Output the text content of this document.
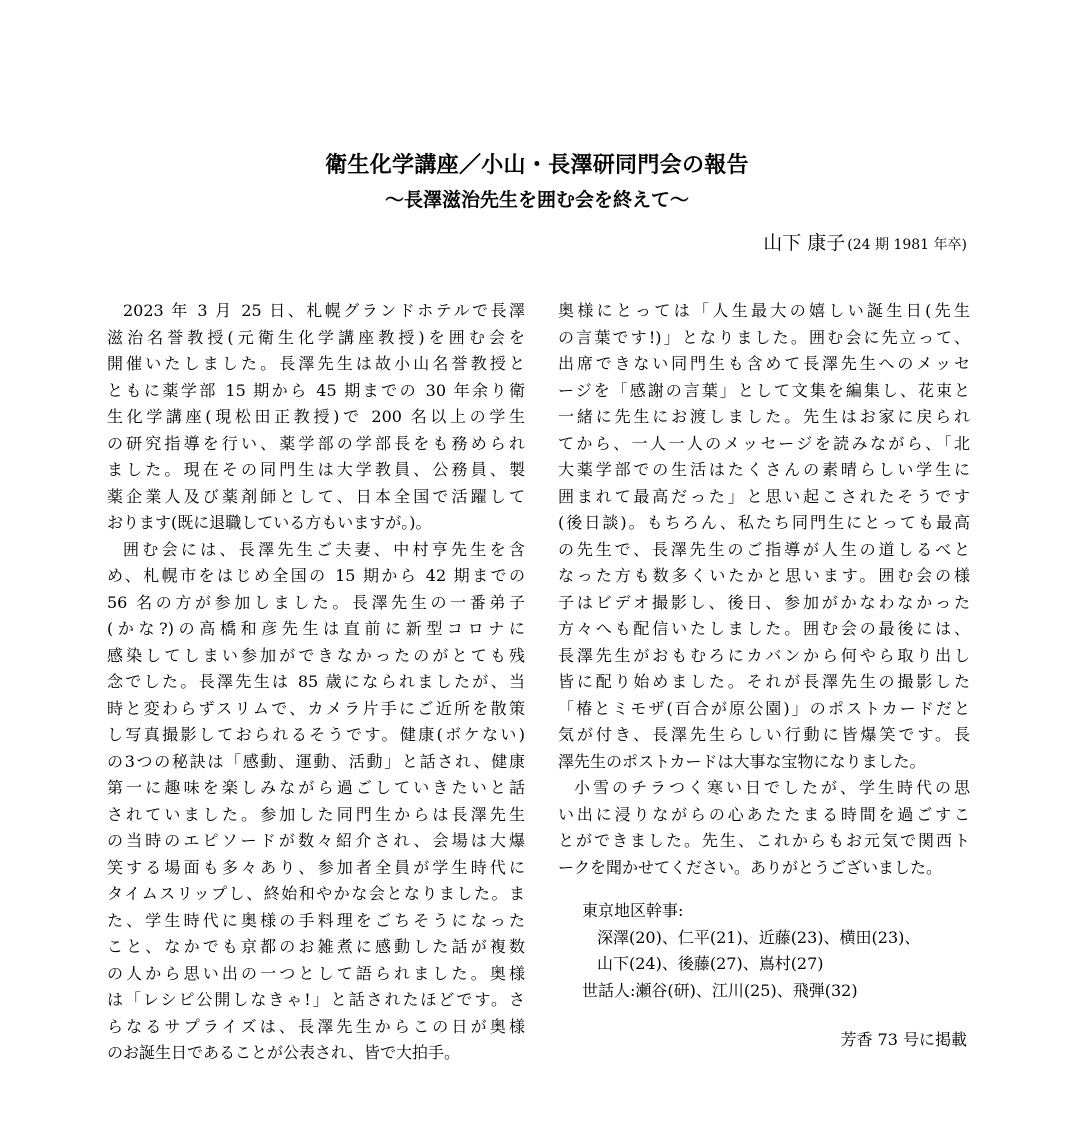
衛生化学講座／小山・長澤研同門会の報告
～長澤滋治先生を囲む会を終えて～
山下 康子 (24 期 1981 年卒)
2023 年 3 月 25 日、札幌グランドホテルで長澤
滋治名誉教授(元衛生化学講座教授)を囲む会を
開催いたしました。長澤先生は故小山名誉教授と
ともに薬学部 15 期から 45 期までの 30 年余り衛
生化学講座(現松田正教授)で 200 名以上の学生
の研究指導を行い、薬学部の学部長をも務められ
ました。現在その同門生は大学教員、公務員、製
薬企業人及び薬剤師として、日本全国で活躍して
おります(既に退職している方もいますが。)。
囲む会には、長澤先生ご夫妻、中村亨先生を含
め、札幌市をはじめ全国の 15 期から 42 期までの
56 名の方が参加しました。長澤先生の一番弟子
(かな?)の高橋和彦先生は直前に新型コロナに
感染してしまい参加ができなかったのがとても残
念でした。長澤先生は 85 歳になられましたが、当
時と変わらずスリムで、カメラ片手にご近所を散策
し写真撮影しておられるそうです。健康(ボケない)
の3つの秘訣は「感動、運動、活動」と話され、健康
第一に趣味を楽しみながら過ごしていきたいと話
されていました。参加した同門生からは長澤先生
の当時のエピソードが数々紹介され、会場は大爆
笑する場面も多々あり、参加者全員が学生時代に
タイムスリップし、終始和やかな会となりました。ま
た、学生時代に奥様の手料理をごちそうになった
こと、なかでも京都のお雑煮に感動した話が複数
の人から思い出の一つとして語られました。奥様
は「レシピ公開しなきゃ!」と話されたほどです。さ
らなるサプライズは、長澤先生からこの日が奥様
のお誕生日であることが公表され、皆で大拍手。
奥様にとっては「人生最大の嬉しい誕生日(先生
の言葉です!)」となりました。囲む会に先立って、
出席できない同門生も含めて長澤先生へのメッセ
ージを「感謝の言葉」として文集を編集し、花束と
一緒に先生にお渡しました。先生はお家に戻られ
てから、一人一人のメッセージを読みながら、「北
大薬学部での生活はたくさんの素晴らしい学生に
囲まれて最高だった」と思い起こされたそうです
(後日談)。もちろん、私たち同門生にとっても最高
の先生で、長澤先生のご指導が人生の道しるべと
なった方も数多くいたかと思います。囲む会の様
子はビデオ撮影し、後日、参加がかなわなかった
方々へも配信いたしました。囲む会の最後には、
長澤先生がおもむろにカバンから何やら取り出し
皆に配り始めました。それが長澤先生の撮影した
「椿とミモザ(百合が原公園)」のポストカードだと
気が付き、長澤先生らしい行動に皆爆笑です。長
澤先生のポストカードは大事な宝物になりました。
小雪のチラつく寒い日でしたが、学生時代の思
い出に浸りながらの心あたたまる時間を過ごすこ
とができました。先生、これからもお元気で関西ト
ークを聞かせてください。ありがとうございました。
東京地区幹事:
深澤(20)、仁平(21)、近藤(23)、横田(23)、
山下(24)、後藤(27)、嶌村(27)
世話人:瀬谷(研)、江川(25)、飛弾(32)
芳香 73 号に掲載
